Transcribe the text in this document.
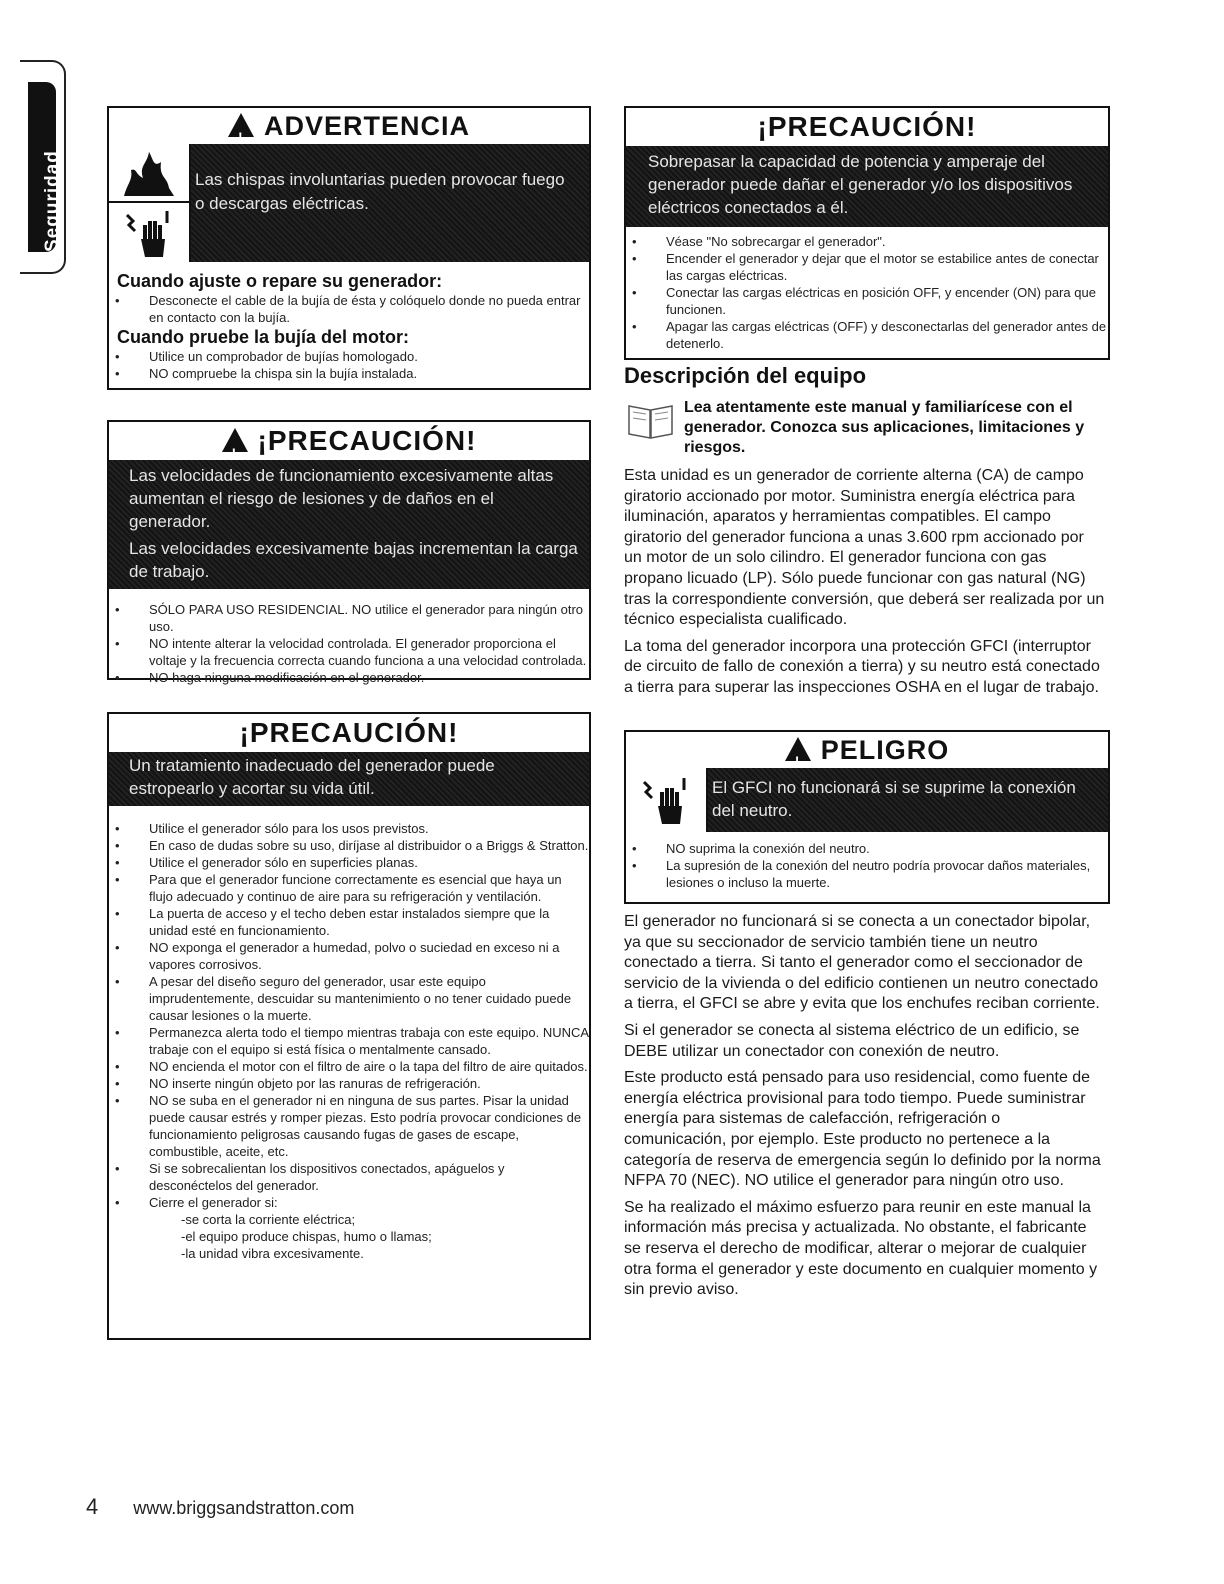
Seguridad
!ADVERTENCIA
Las chispas involuntarias pueden provocar fuego o descargas eléctricas.
Cuando ajuste o repare su generador:
• Desconecte el cable de la bujía de ésta y colóquelo donde no pueda entrar en contacto con la bujía.
Cuando pruebe la bujía del motor:
• Utilice un comprobador de bujías homologado.
• NO compruebe la chispa sin la bujía instalada.
!¡PRECAUCIÓN!
Las velocidades de funcionamiento excesivamente altas aumentan el riesgo de lesiones y de daños en el generador.
Las velocidades excesivamente bajas incrementan la carga de trabajo.
• SÓLO PARA USO RESIDENCIAL. NO utilice el generador para ningún otro uso.
• NO intente alterar la velocidad controlada. El generador proporciona el voltaje y la frecuencia correcta cuando funciona a una velocidad controlada.
• NO haga ninguna modificación en el generador.
¡PRECAUCIÓN!
Un tratamiento inadecuado del generador puede estropearlo y acortar su vida útil.
• Utilice el generador sólo para los usos previstos.
• En caso de dudas sobre su uso, diríjase al distribuidor o a Briggs & Stratton.
• Utilice el generador sólo en superficies planas.
• Para que el generador funcione correctamente es esencial que haya un flujo adecuado y continuo de aire para su refrigeración y ventilación.
• La puerta de acceso y el techo deben estar instalados siempre que la unidad esté en funcionamiento.
• NO exponga el generador a humedad, polvo o suciedad en exceso ni a vapores corrosivos.
• A pesar del diseño seguro del generador, usar este equipo imprudentemente, descuidar su mantenimiento o no tener cuidado puede causar lesiones o la muerte.
• Permanezca alerta todo el tiempo mientras trabaja con este equipo. NUNCA trabaje con el equipo si está física o mentalmente cansado.
• NO encienda el motor con el filtro de aire o la tapa del filtro de aire quitados.
• NO inserte ningún objeto por las ranuras de refrigeración.
• NO se suba en el generador ni en ninguna de sus partes. Pisar la unidad puede causar estrés y romper piezas. Esto podría provocar condiciones de funcionamiento peligrosas causando fugas de gases de escape, combustible, aceite, etc.
• Si se sobrecalientan los dispositivos conectados, apáguelos y desconéctelos del generador.
• Cierre el generador si:
-se corta la corriente eléctrica;
-el equipo produce chispas, humo o llamas;
-la unidad vibra excesivamente.
¡PRECAUCIÓN!
Sobrepasar la capacidad de potencia y amperaje del generador puede dañar el generador y/o los dispositivos eléctricos conectados a él.
• Véase "No sobrecargar el generador".
• Encender el generador y dejar que el motor se estabilice antes de conectar las cargas eléctricas.
• Conectar las cargas eléctricas en posición OFF, y encender (ON) para que funcionen.
• Apagar las cargas eléctricas (OFF) y desconectarlas del generador antes de detenerlo.
Descripción del equipo
Lea atentamente este manual y familiarícese con el generador. Conozca sus aplicaciones, limitaciones y riesgos.

Esta unidad es un generador de corriente alterna (CA) de campo giratorio accionado por motor. Suministra energía eléctrica para iluminación, aparatos y herramientas compatibles. El campo giratorio del generador funciona a unas 3.600 rpm accionado por un motor de un solo cilindro. El generador funciona con gas propano licuado (LP). Sólo puede funcionar con gas natural (NG) tras la correspondiente conversión, que deberá ser realizada por un técnico especialista cualificado.

La toma del generador incorpora una protección GFCI (interruptor de circuito de fallo de conexión a tierra) y su neutro está conectado a tierra para superar las inspecciones OSHA en el lugar de trabajo.

!PELIGRO
El GFCI no funcionará si se suprime la conexión del neutro.
• NO suprima la conexión del neutro.
• La supresión de la conexión del neutro podría provocar daños materiales, lesiones o incluso la muerte.

El generador no funcionará si se conecta a un conectador bipolar, ya que su seccionador de servicio también tiene un neutro conectado a tierra. Si tanto el generador como el seccionador de servicio de la vivienda o del edificio contienen un neutro conectado a tierra, el GFCI se abre y evita que los enchufes reciban corriente.

Si el generador se conecta al sistema eléctrico de un edificio, se DEBE utilizar un conectador con conexión de neutro.

Este producto está pensado para uso residencial, como fuente de energía eléctrica provisional para todo tiempo. Puede suministrar energía para sistemas de calefacción, refrigeración o comunicación, por ejemplo. Este producto no pertenece a la categoría de reserva de emergencia según lo definido por la norma NFPA 70 (NEC). NO utilice el generador para ningún otro uso.

Se ha realizado el máximo esfuerzo para reunir en este manual la información más precisa y actualizada. No obstante, el fabricante se reserva el derecho de modificar, alterar o mejorar de cualquier otra forma el generador y este documento en cualquier momento y sin previo aviso.

4 www.briggsandstratton.com
